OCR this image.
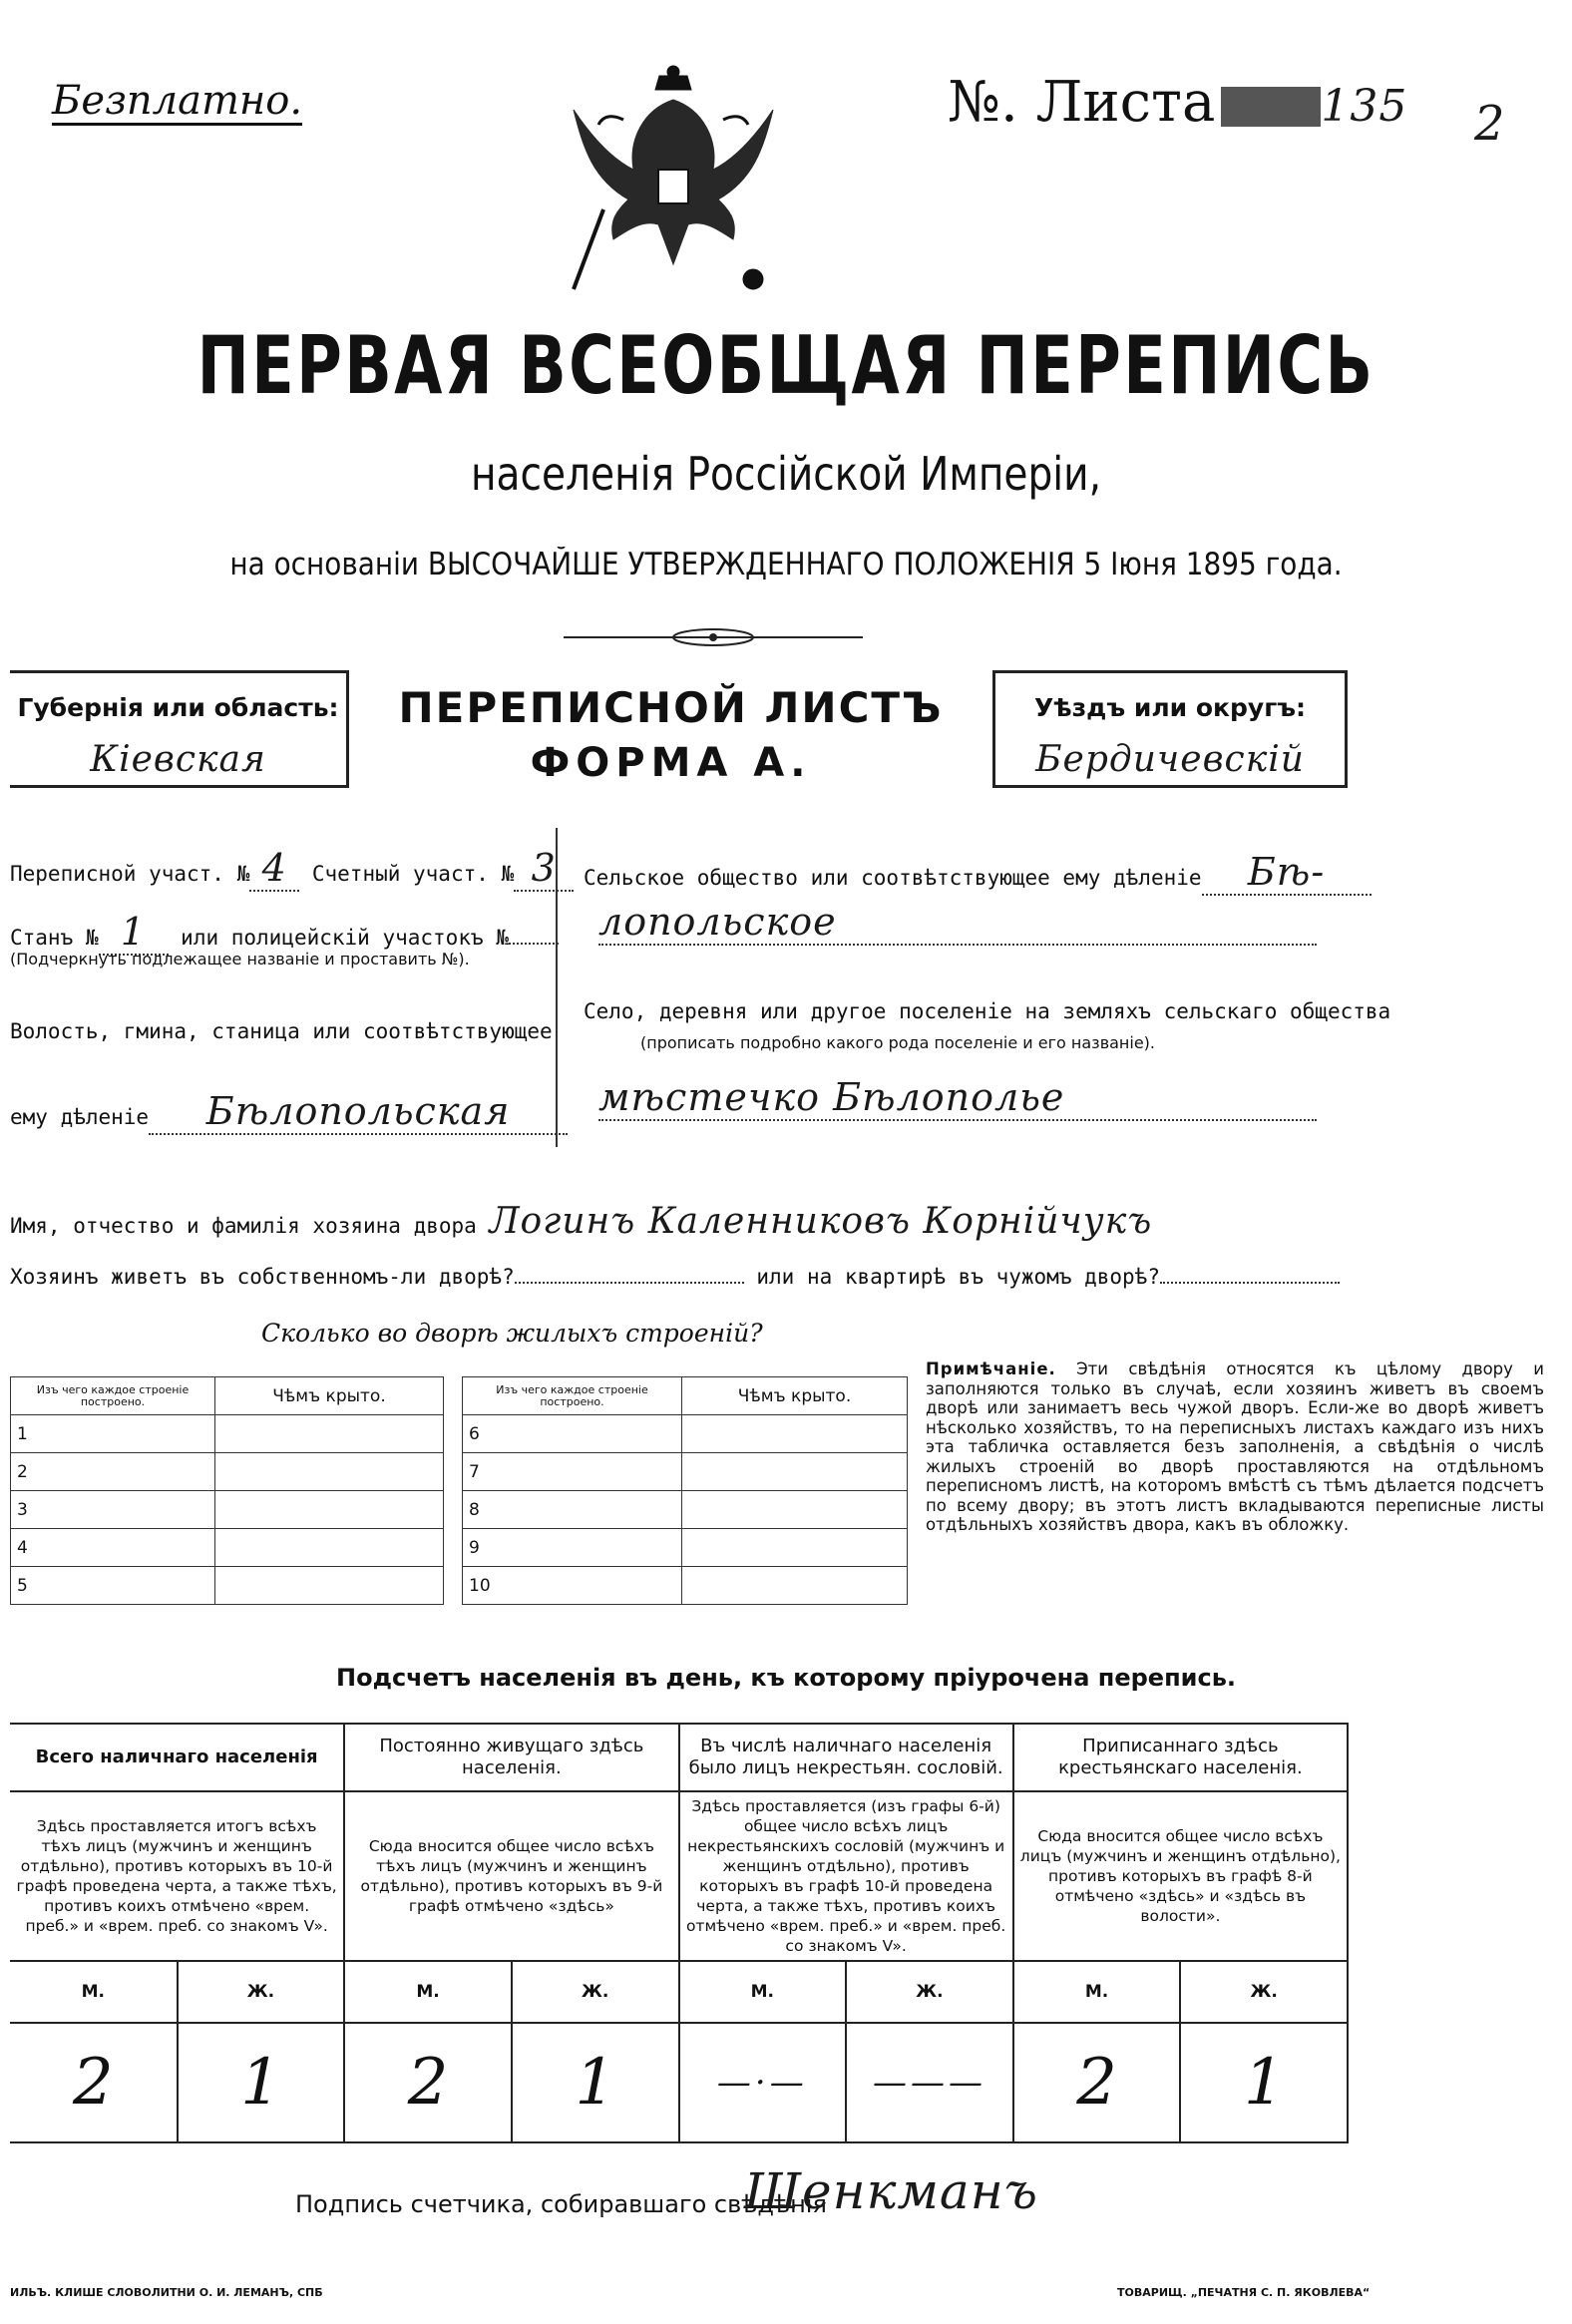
Безплатно.	№. Листа 135 2
ПЕРВАЯ ВСЕОБЩАЯ ПЕРЕПИСЬ
населенія Россійской Имперіи,
на основаніи ВЫСОЧАЙШЕ УТВЕРЖДЕННАГО ПОЛОЖЕНІЯ 5 Іюня 1895 года.
Губернія или область:
Кіевская
ПЕРЕПИСНОЙ ЛИСТЪ
ФОРМА А.
Уѣздъ или округъ:
Бердичевскій
Переписной участ. № 4 Счетный участ. № 3
Станъ № 1 или полицейскій участокъ №
(Подчеркнуть подлежащее названіе и проставить №).
Волость, гмина, станица или соотвѣтствующее
ему дѣленіе Бѣлопольская
Сельское общество или соотвѣтствующее ему дѣленіе Бѣ-
лопольское
Село, деревня или другое поселеніе на земляхъ сельскаго общества
(прописать подробно какого рода поселеніе и его названіе).
мѣстечко Бѣлополье
Имя, отчество и фамилія хозяина двора Логинъ Каленниковъ Корнійчукъ
Хозяинъ живетъ въ собственномъ-ли дворѣ?	или на квартирѣ въ чужомъ дворѣ?
Сколько во дворѣ жилыхъ строеній?
Изъ чего каждое строеніе построено.	Чѣмъ крыто.
1	
2	
3	
4	
5	
Изъ чего каждое строеніе построено.	Чѣмъ крыто.
6	
7	
8	
9	
10	
Примѣчаніе. Эти свѣдѣнія относятся къ цѣлому двору и заполняются только въ случаѣ, если хозяинъ живетъ въ своемъ дворѣ или занимаетъ весь чужой дворъ. Если-же во дворѣ живетъ нѣсколько хозяйствъ, то на переписныхъ листахъ каждаго изъ нихъ эта табличка оставляется безъ заполненія, а свѣдѣнія о числѣ жилыхъ строеній во дворѣ проставляются на отдѣльномъ переписномъ листѣ, на которомъ вмѣстѣ съ тѣмъ дѣлается подсчетъ по всему двору; въ этотъ листъ вкладываются переписные листы отдѣльныхъ хозяйствъ двора, какъ въ обложку.
Подсчетъ населенія въ день, къ которому пріурочена перепись.
Всего наличнаго населенія		Постоянно живущаго здѣсь населенія.		Въ числѣ наличнаго населенія было лицъ некрестьян. сословій.		Приписаннаго здѣсь крестьянскаго населенія.	
Здѣсь проставляется итогъ всѣхъ тѣхъ лицъ (мужчинъ и женщинъ отдѣльно), противъ которыхъ въ 10-й графѣ проведена черта, а также тѣхъ, противъ коихъ отмѣчено «врем. преб.» и «врем. преб. со знакомъ V».		Сюда вносится общее число всѣхъ тѣхъ лицъ (мужчинъ и женщинъ отдѣльно), противъ которыхъ въ 9-й графѣ отмѣчено «здѣсь»		Здѣсь проставляется (изъ графы 6-й) общее число всѣхъ лицъ некрестьянскихъ сословій (мужчинъ и женщинъ отдѣльно), противъ которыхъ въ графѣ 10-й проведена черта, а также тѣхъ, противъ коихъ отмѣчено «врем. преб.» и «врем. преб. со знакомъ V».		Сюда вносится общее число всѣхъ лицъ (мужчинъ и женщинъ отдѣльно), противъ которыхъ въ графѣ 8-й отмѣчено «здѣсь» и «здѣсь въ волости».	
М.	Ж.	М.	Ж.	М.	Ж.	М.	Ж.
2	1	2	1	—·—	———	2	1
Подпись счетчика, собиравшаго свѣдѣнія
Шенкманъ
ИЛЬЪ. КЛИШЕ СЛОВОЛИТНИ О. И. ЛЕМАНЪ, СПБ	ТОВАРИЩ. „ПЕЧАТНЯ С. П. ЯКОВЛЕВА“
